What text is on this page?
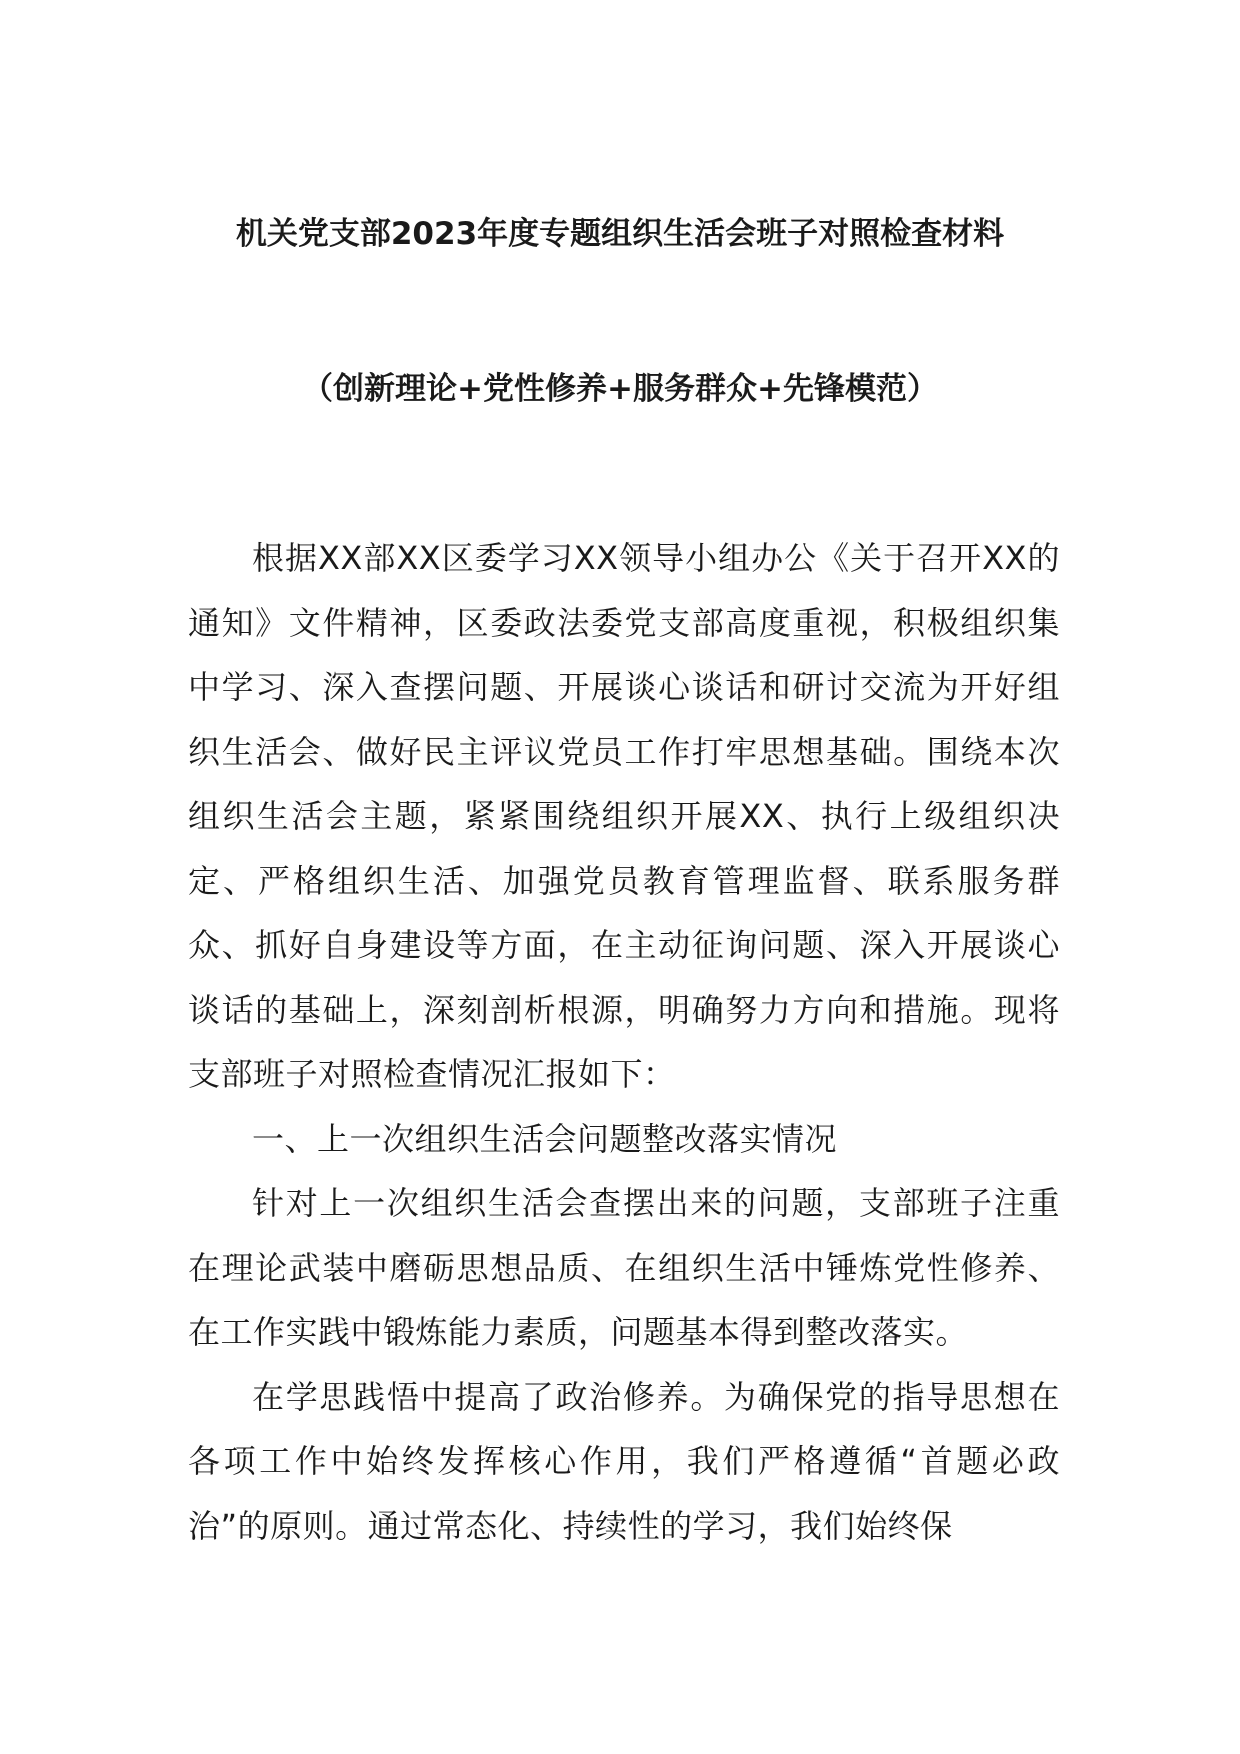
机关党支部2023年度专题组织生活会班子对照检查材料
（创新理论+党性修养+服务群众+先锋模范）

根据XX部XX区委学习XX领导小组办公《关于召开XX的通知》文件精神，区委政法委党支部高度重视，积极组织集中学习、深入查摆问题、开展谈心谈话和研讨交流为开好组织生活会、做好民主评议党员工作打牢思想基础。围绕本次组织生活会主题，紧紧围绕组织开展XX、执行上级组织决定、严格组织生活、加强党员教育管理监督、联系服务群众、抓好自身建设等方面，在主动征询问题、深入开展谈心谈话的基础上，深刻剖析根源，明确努力方向和措施。现将支部班子对照检查情况汇报如下：

一、上一次组织生活会问题整改落实情况

针对上一次组织生活会查摆出来的问题，支部班子注重在理论武装中磨砺思想品质、在组织生活中锤炼党性修养、在工作实践中锻炼能力素质，问题基本得到整改落实。

在学思践悟中提高了政治修养。为确保党的指导思想在各项工作中始终发挥核心作用，我们严格遵循“首题必政治”的原则。通过常态化、持续性的学习，我们始终保
